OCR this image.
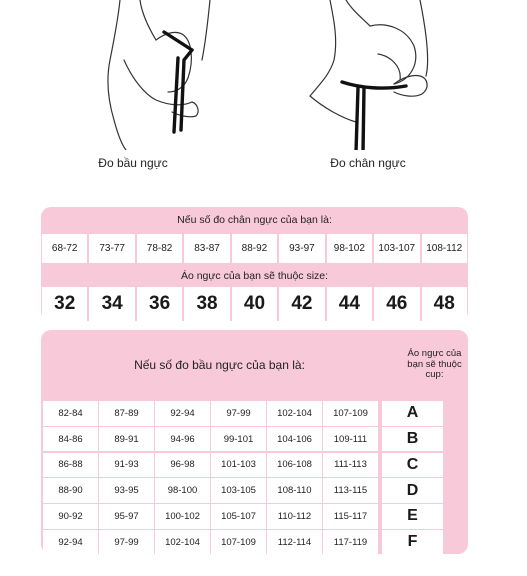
Đo bầu ngực	Đo chân ngực
Nếu số đo chân ngực của bạn là:
68-72	73-77	78-82	83-87	88-92	93-97	98-102	103-107	108-112
Áo ngực của bạn sẽ thuộc size:
32	34	36	38	40	42	44	46	48
Nếu số đo bầu ngực của bạn là:
Áo ngực của bạn sẽ thuộc cup:
82-84	87-89	92-94	97-99	102-104	107-109	A
84-86	89-91	94-96	99-101	104-106	109-111	B
86-88	91-93	96-98	101-103	106-108	111-113	C
88-90	93-95	98-100	103-105	108-110	113-115	D
90-92	95-97	100-102	105-107	110-112	115-117	E
92-94	97-99	102-104	107-109	112-114	117-119	F
